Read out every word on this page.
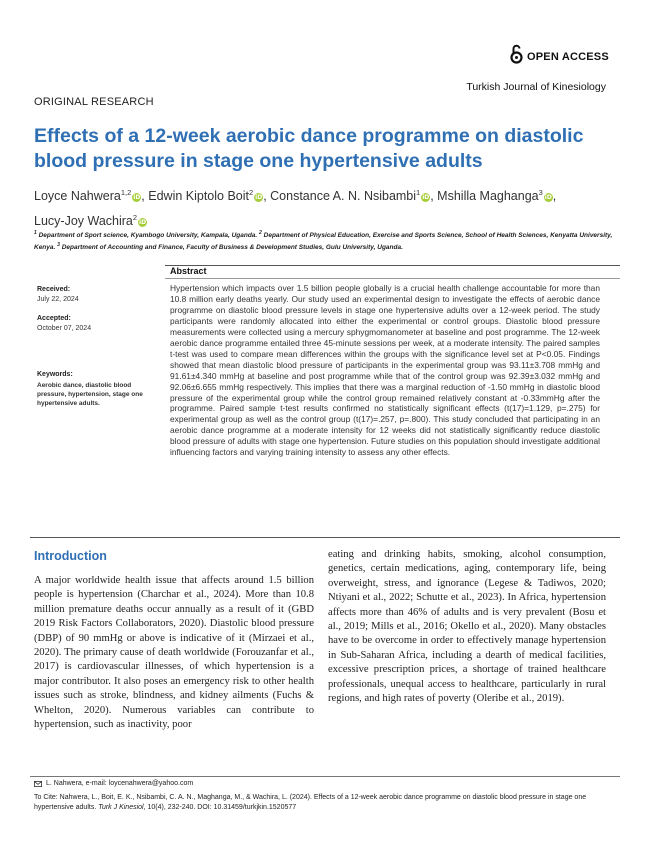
OPEN ACCESS
Turkish Journal of Kinesiology
ORIGINAL RESEARCH
Effects of a 12-week aerobic dance programme on diastolic blood pressure in stage one hypertensive adults
Loyce Nahwera$^{1,2}$iD, Edwin Kiptolo Boit$^2$iD, Constance A. N. Nsibambi$^1$iD, Mshilla Maghanga$^3$iD,
Lucy-Joy Wachira$^2$iD
$^1$ Department of Sport science, Kyambogo University, Kampala, Uganda. $^2$ Department of Physical Education, Exercise and Sports Science, School of Health Sciences, Kenyatta University, Kenya. $^3$ Department of Accounting and Finance, Faculty of Business & Development Studies, Gulu University, Uganda.
Received:
July 22, 2024
Accepted:
October 07, 2024
Keywords:
Aerobic dance, diastolic blood pressure, hypertension, stage one hypertensive adults.
Abstract
Hypertension which impacts over 1.5 billion people globally is a crucial health challenge accountable for more than 10.8 million early deaths yearly. Our study used an experimental design to investigate the effects of aerobic dance programme on diastolic blood pressure levels in stage one hypertensive adults over a 12-week period. The study participants were randomly allocated into either the experimental or control groups. Diastolic blood pressure measurements were collected using a mercury sphygmomanometer at baseline and post programme. The 12-week aerobic dance programme entailed three 45-minute sessions per week, at a moderate intensity. The paired samples t-test was used to compare mean differences within the groups with the significance level set at P<0.05. Findings showed that mean diastolic blood pressure of participants in the experimental group was 93.11±3.708 mmHg and 91.61±4.340 mmHg at baseline and post programme while that of the control group was 92.39±3.032 mmHg and 92.06±6.655 mmHg respectively. This implies that there was a marginal reduction of -1.50 mmHg in diastolic blood pressure of the experimental group while the control group remained relatively constant at -0.33mmHg after the programme. Paired sample t-test results confirmed no statistically significant effects (t(17)=1.129, p=.275) for experimental group as well as the control group (t(17)=.257, p=.800). This study concluded that participating in an aerobic dance programme at a moderate intensity for 12 weeks did not statistically significantly reduce diastolic blood pressure of adults with stage one hypertension. Future studies on this population should investigate additional influencing factors and varying training intensity to assess any other effects.
Introduction
A major worldwide health issue that affects around 1.5 billion people is hypertension (Charchar et al., 2024). More than 10.8 million premature deaths occur annually as a result of it (GBD 2019 Risk Factors Collaborators, 2020). Diastolic blood pressure (DBP) of 90 mmHg or above is indicative of it (Mirzaei et al., 2020). The primary cause of death worldwide (Forouzanfar et al., 2017) is cardiovascular illnesses, of which hypertension is a major contributor. It also poses an emergency risk to other health issues such as stroke, blindness, and kidney ailments (Fuchs & Whelton, 2020). Numerous variables can contribute to hypertension, such as inactivity, poor
eating and drinking habits, smoking, alcohol consumption, genetics, certain medications, aging, contemporary life, being overweight, stress, and ignorance (Legese & Tadiwos, 2020; Ntiyani et al., 2022; Schutte et al., 2023). In Africa, hypertension affects more than 46% of adults and is very prevalent (Bosu et al., 2019; Mills et al., 2016; Okello et al., 2020). Many obstacles have to be overcome in order to effectively manage hypertension in Sub-Saharan Africa, including a dearth of medical facilities, excessive prescription prices, a shortage of trained healthcare professionals, unequal access to healthcare, particularly in rural regions, and high rates of poverty (Oleribe et al., 2019).
L. Nahwera, e-mail: loycenahwera@yahoo.com
To Cite: Nahwera, L., Boit, E. K., Nsibambi, C. A. N., Maghanga, M., & Wachira, L. (2024). Effects of a 12-week aerobic dance programme on diastolic blood pressure in stage one hypertensive adults. Turk J Kinesiol, 10(4), 232-240. DOI: 10.31459/turkjkin.1520577
